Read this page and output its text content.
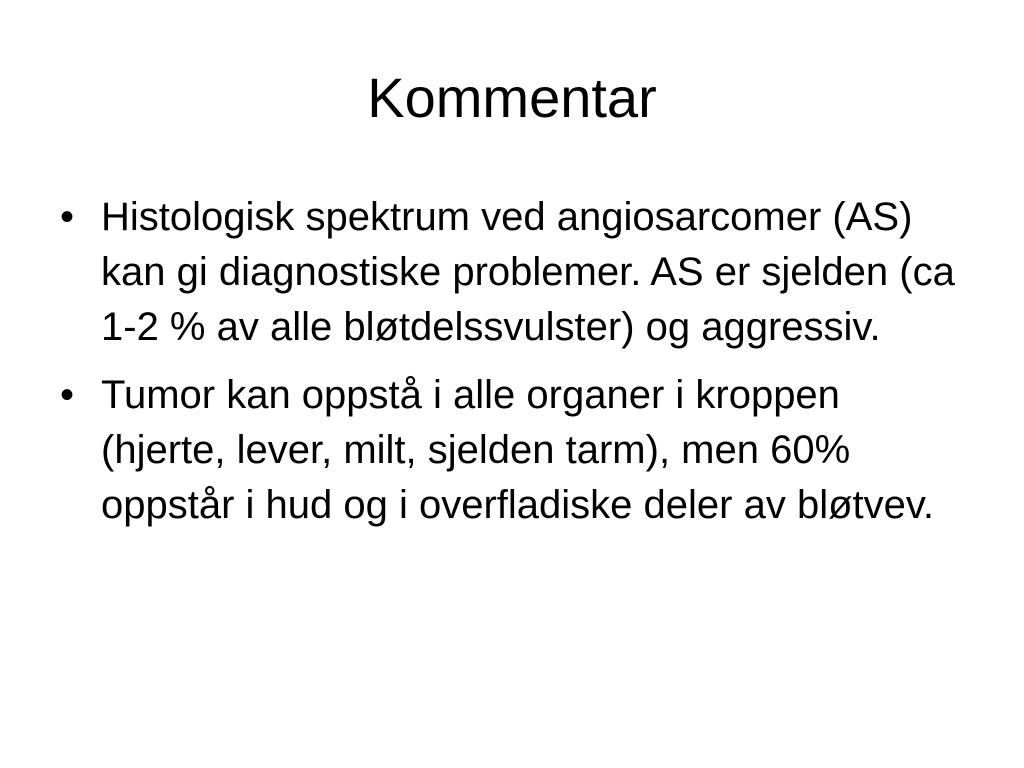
Kommentar
• Histologisk spektrum ved angiosarcomer (AS) kan gi diagnostiske problemer. AS er sjelden (ca 1-2 % av alle bløtdelssvulster) og aggressiv.
• Tumor kan oppstå i alle organer i kroppen (hjerte, lever, milt, sjelden tarm), men 60% oppstår i hud og i overfladiske deler av bløtvev.
